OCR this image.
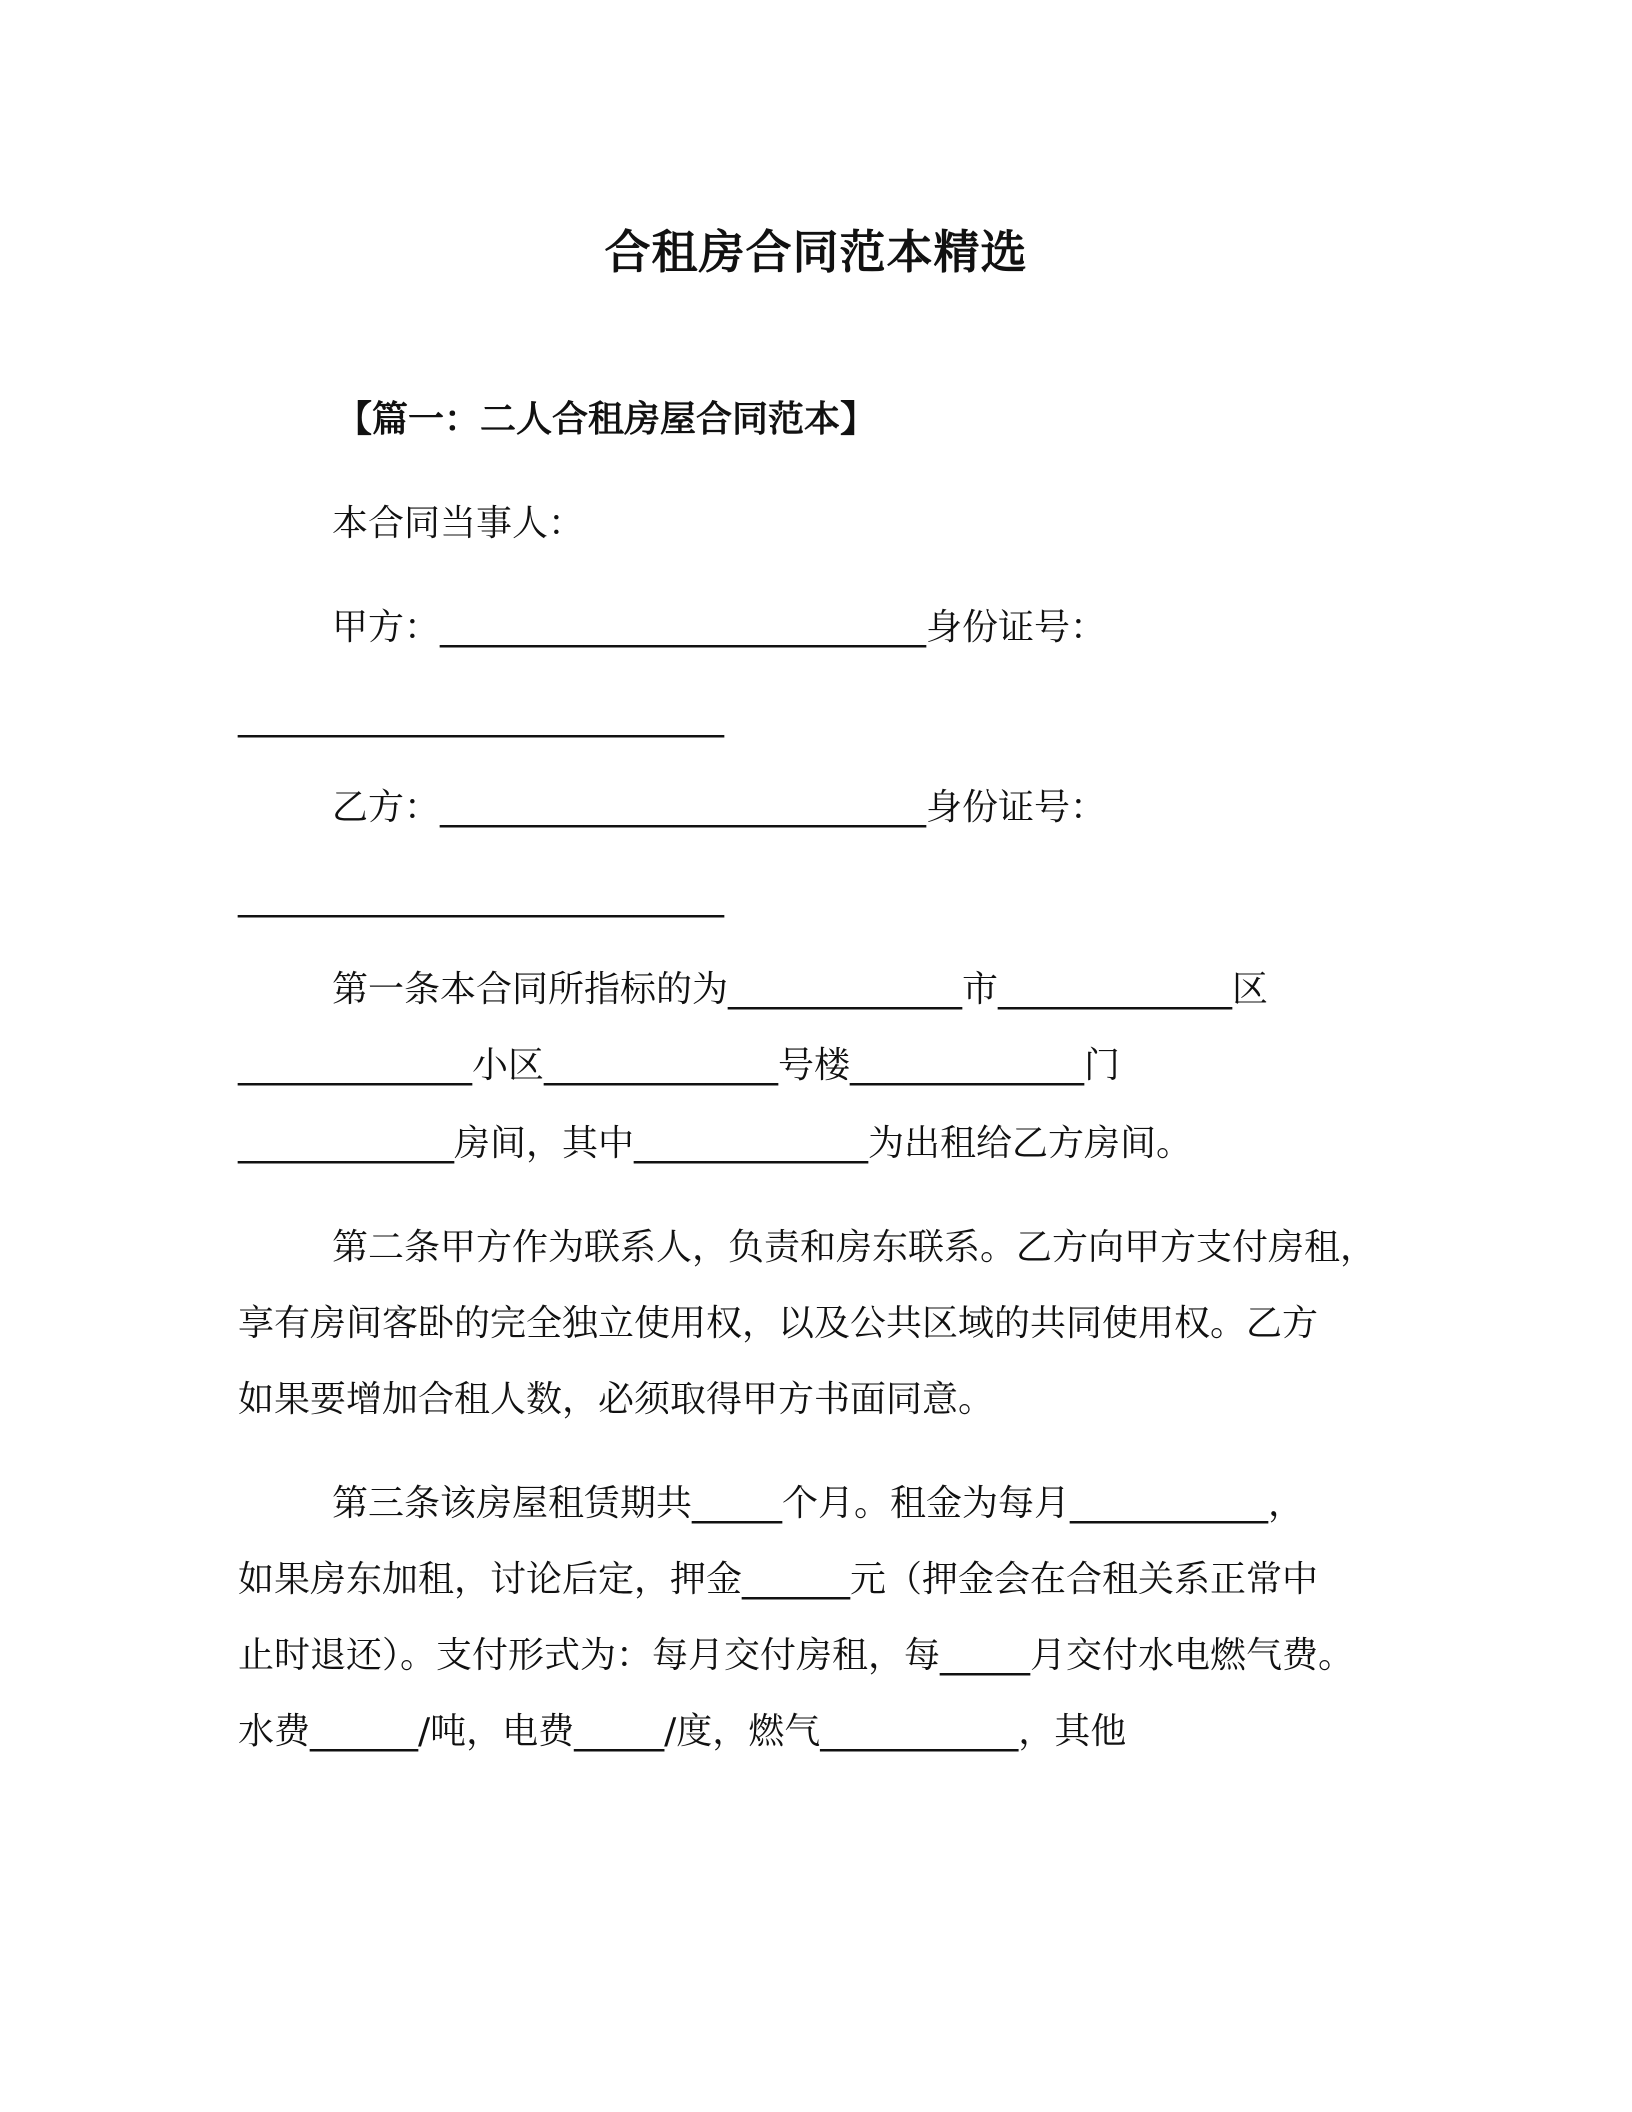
合租房合同范本精选
【篇一：二人合租房屋合同范本】
本合同当事人：
甲方：___________________________身份证号：
___________________________
乙方：___________________________身份证号：
___________________________
第一条本合同所指标的为_____________市_____________区
_____________小区_____________号楼_____________门
____________房间，其中_____________为出租给乙方房间。
第二条甲方作为联系人，负责和房东联系。乙方向甲方支付房租，
享有房间客卧的完全独立使用权，以及公共区域的共同使用权。乙方
如果要增加合租人数，必须取得甲方书面同意。
第三条该房屋租赁期共_____个月。租金为每月___________，
如果房东加租，讨论后定，押金______元（押金会在合租关系正常中
止时退还）。支付形式为：每月交付房租，每_____月交付水电燃气费。
水费______/吨，电费_____/度，燃气___________，其他
